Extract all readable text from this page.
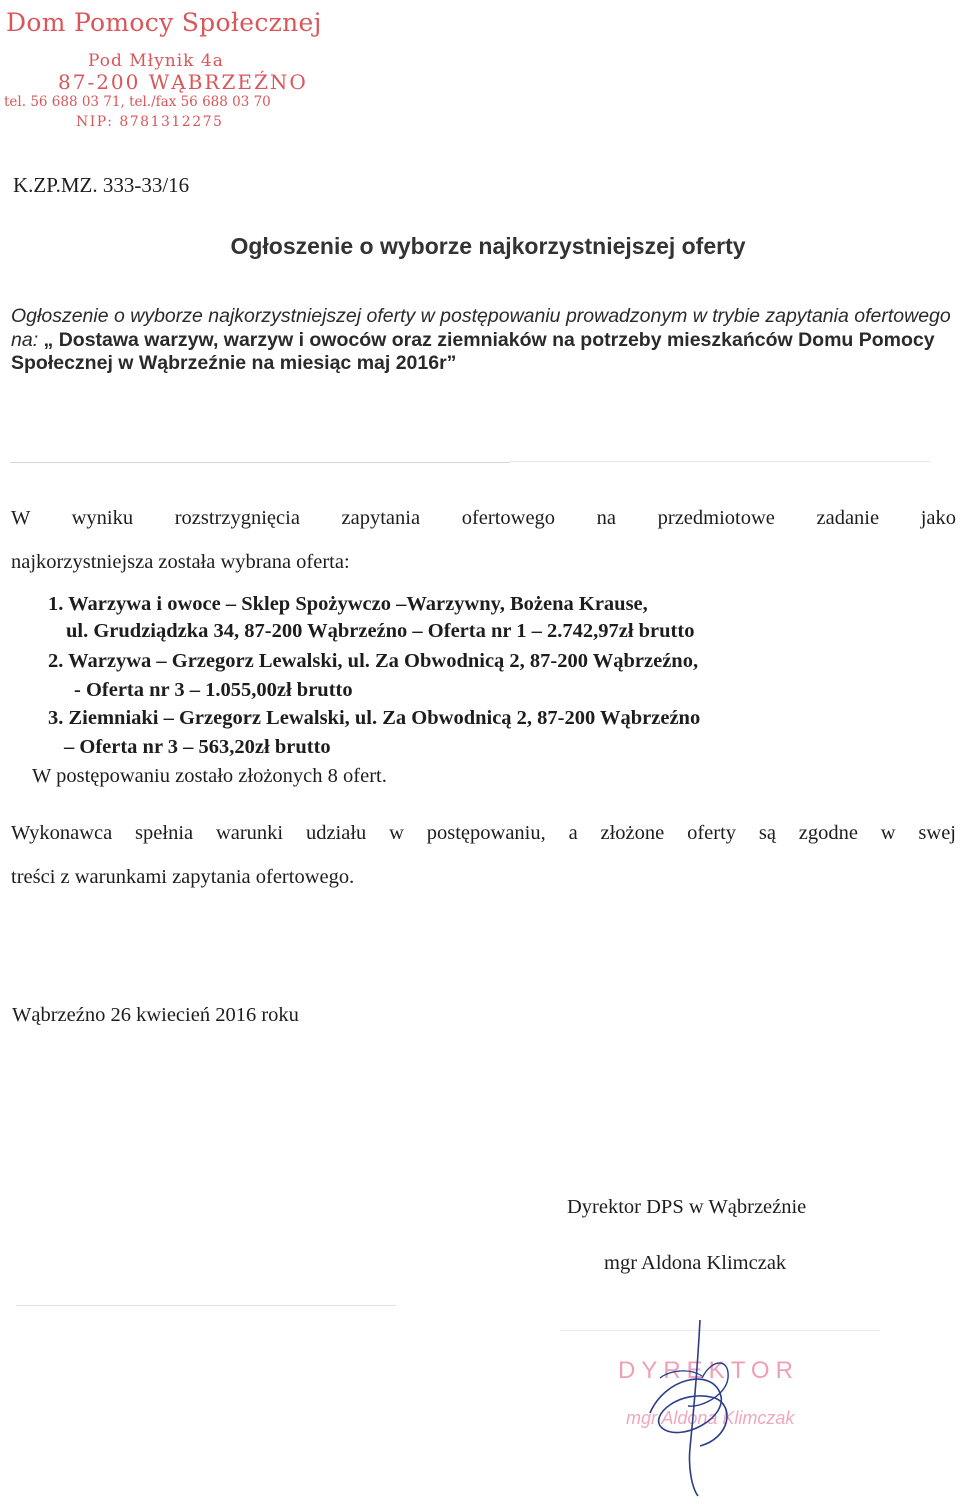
Dom Pomocy Społecznej
Pod Młynik 4a
87-200 WĄBRZEŹNO
tel. 56 688 03 71, tel./fax 56 688 03 70
NIP: 8781312275

K.ZP.MZ. 333-33/16

Ogłoszenie o wyborze najkorzystniejszej oferty

Ogłoszenie o wyborze najkorzystniejszej oferty w postępowaniu prowadzonym w trybie zapytania ofertowego na: „ Dostawa warzyw, warzyw i owoców oraz ziemniaków na potrzeby mieszkańców Domu Pomocy Społecznej w Wąbrzeźnie na miesiąc maj 2016r”

W wyniku rozstrzygnięcia zapytania ofertowego na przedmiotowe zadanie jako

najkorzystniejsza została wybrana oferta:

1. Warzywa i owoce – Sklep Spożywczo –Warzywny, Bożena Krause,
ul. Grudziądzka 34, 87-200 Wąbrzeźno – Oferta nr 1 – 2.742,97zł brutto
2. Warzywa – Grzegorz Lewalski, ul. Za Obwodnicą 2, 87-200 Wąbrzeźno,
- Oferta nr 3 – 1.055,00zł brutto
3. Ziemniaki – Grzegorz Lewalski, ul. Za Obwodnicą 2, 87-200 Wąbrzeźno
– Oferta nr 3 – 563,20zł brutto
W postępowaniu zostało złożonych 8 ofert.

Wykonawca spełnia warunki udziału w postępowaniu, a złożone oferty są zgodne w swej

treści z warunkami zapytania ofertowego.

Wąbrzeźno 26 kwiecień 2016 roku
Dyrektor DPS w Wąbrzeźnie
mgr Aldona Klimczak
DYREKTOR
mgr Aldona Klimczak
